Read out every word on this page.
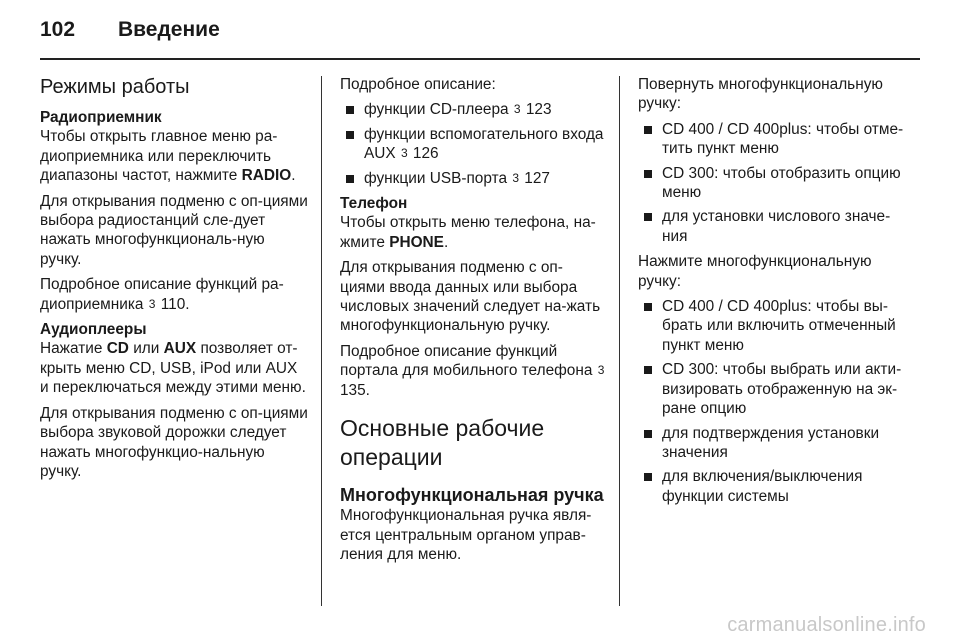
102 Введение
Режимы работы
Радиоприемник

Чтобы открыть главное меню ра-диоприемника или переключить диапазоны частот, нажмите RADIO.

Для открывания подменю с оп-циями выбора радиостанций сле-дует нажать многофункциональ-ную ручку.

Подробное описание функций ра-диоприемника 3 110.

Аудиоплееры

Нажатие CD или AUX позволяет от-крыть меню CD, USB, iPod или AUX и переключаться между этими меню.

Для открывания подменю с оп-циями выбора звуковой дорожки следует нажать многофункцио-нальную ручку.

Подробное описание:

функции CD-плеера 3 123
функции вспомогательного входа AUX 3 126
функции USB-порта 3 127
Телефон

Чтобы открыть меню телефона, на-жмите PHONE.

Для открывания подменю с оп-циями ввода данных или выбора числовых значений следует на-жать многофункциональную ручку.

Подробное описание функций портала для мобильного телефона 3 135.

Основные рабочие операции
Многофункциональная ручка

Многофункциональная ручка явля-ется центральным органом управ-ления для меню.

Повернуть многофункциональную ручку:

CD 400 / CD 400plus: чтобы отме-тить пункт меню
CD 300: чтобы отобразить опцию меню
для установки числового значе-ния

Нажмите многофункциональную ручку:

CD 400 / CD 400plus: чтобы вы-брать или включить отмеченный пункт меню
CD 300: чтобы выбрать или акти-визировать отображенную на эк-ране опцию
для подтверждения установки значения
для включения/выключения функции системы
carmanualsonline.info
